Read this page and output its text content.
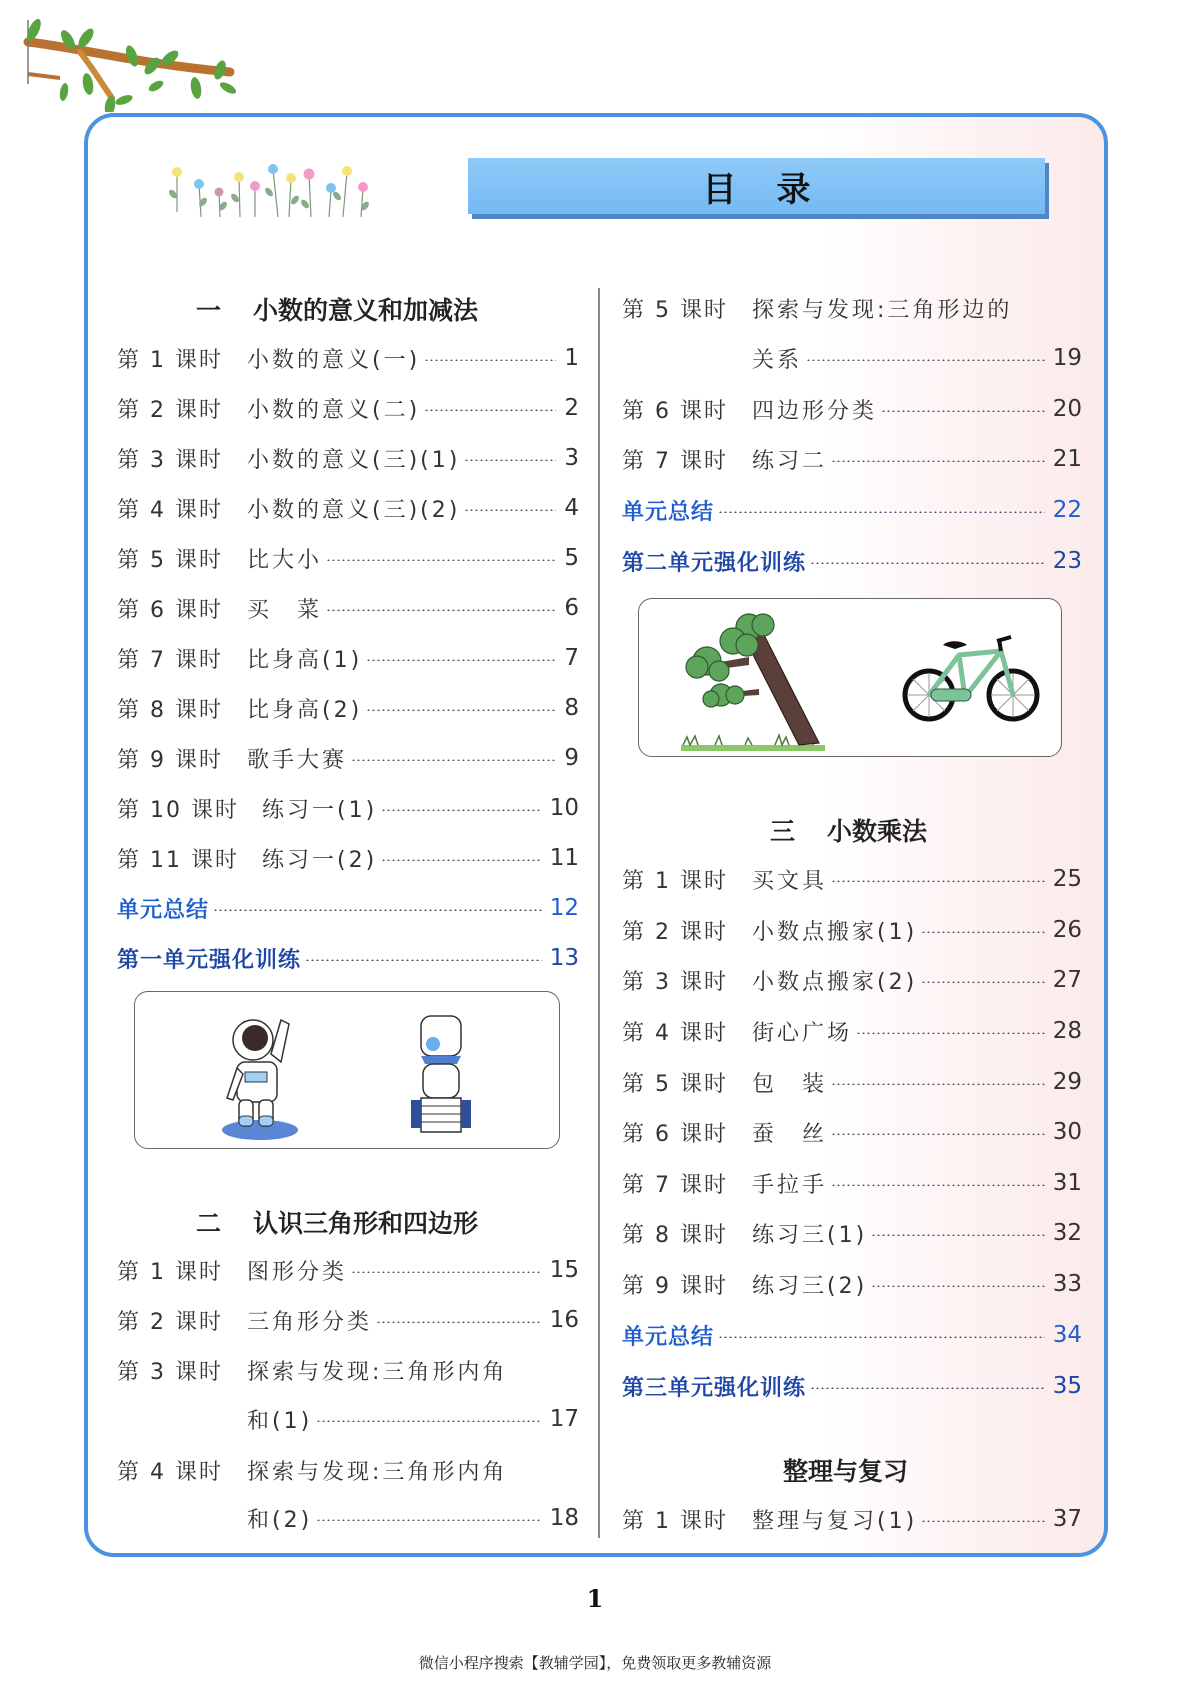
目录
一 小数的意义和加减法
第 1 课时	小数的意义(一)	1
第 2 课时	小数的意义(二)	2
第 3 课时	小数的意义(三)(1)	3
第 4 课时	小数的意义(三)(2)	4
第 5 课时	比大小	5
第 6 课时	买　菜	6
第 7 课时	比身高(1)	7
第 8 课时	比身高(2)	8
第 9 课时	歌手大赛	9
第 10 课时	练习一(1)	10
第 11 课时	练习一(2)	11
单元总结	12
第一单元强化训练	13
二 认识三角形和四边形
第 1 课时	图形分类	15
第 2 课时	三角形分类	16
第 3 课时	探索与发现:三角形内角
和(1)	17
第 4 课时	探索与发现:三角形内角
和(2)	18
第 5 课时	探索与发现:三角形边的
关系	19
第 6 课时	四边形分类	20
第 7 课时	练习二	21
单元总结	22
第二单元强化训练	23
三 小数乘法
第 1 课时	买文具	25
第 2 课时	小数点搬家(1)	26
第 3 课时	小数点搬家(2)	27
第 4 课时	街心广场	28
第 5 课时	包　装	29
第 6 课时	蚕　丝	30
第 7 课时	手拉手	31
第 8 课时	练习三(1)	32
第 9 课时	练习三(2)	33
单元总结	34
第三单元强化训练	35
整理与复习
第 1 课时	整理与复习(1)	37
1
微信小程序搜索【教辅学园】，免费领取更多教辅资源
